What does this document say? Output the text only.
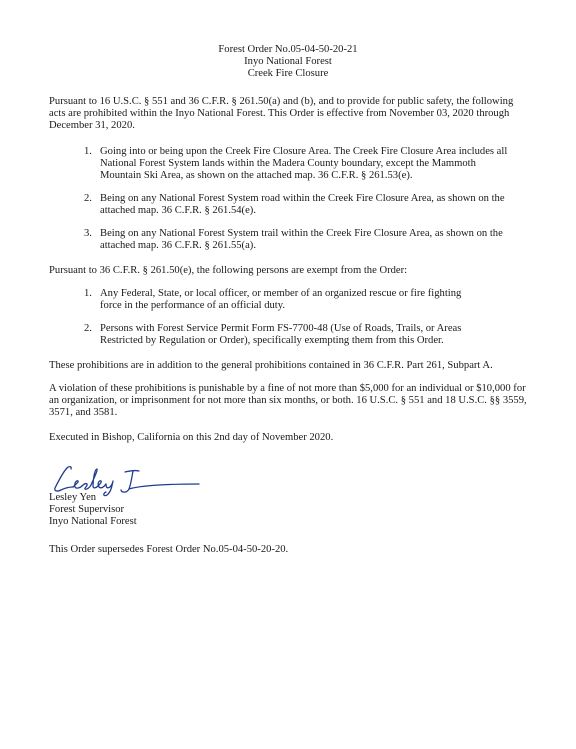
Forest Order No.05-04-50-20-21
Inyo National Forest
Creek Fire Closure
Pursuant to 16 U.S.C. § 551 and 36 C.F.R. § 261.50(a) and (b), and to provide for public safety, the following acts are prohibited within the Inyo National Forest. This Order is effective from November 03, 2020 through December 31, 2020.
1. Going into or being upon the Creek Fire Closure Area. The Creek Fire Closure Area includes all National Forest System lands within the Madera County boundary, except the Mammoth Mountain Ski Area, as shown on the attached map. 36 C.F.R. § 261.53(e).
2. Being on any National Forest System road within the Creek Fire Closure Area, as shown on the attached map. 36 C.F.R. § 261.54(e).
3. Being on any National Forest System trail within the Creek Fire Closure Area, as shown on the attached map. 36 C.F.R. § 261.55(a).
Pursuant to 36 C.F.R. § 261.50(e), the following persons are exempt from the Order:
1. Any Federal, State, or local officer, or member of an organized rescue or fire fighting force in the performance of an official duty.
2. Persons with Forest Service Permit Form FS-7700-48 (Use of Roads, Trails, or Areas Restricted by Regulation or Order), specifically exempting them from this Order.
These prohibitions are in addition to the general prohibitions contained in 36 C.F.R. Part 261, Subpart A.
A violation of these prohibitions is punishable by a fine of not more than $5,000 for an individual or $10,000 for an organization, or imprisonment for not more than six months, or both. 16 U.S.C. § 551 and 18 U.S.C. §§ 3559, 3571, and 3581.
Executed in Bishop, California on this 2nd day of November 2020.
Lesley Yen
Forest Supervisor
Inyo National Forest
This Order supersedes Forest Order No.05-04-50-20-20.
